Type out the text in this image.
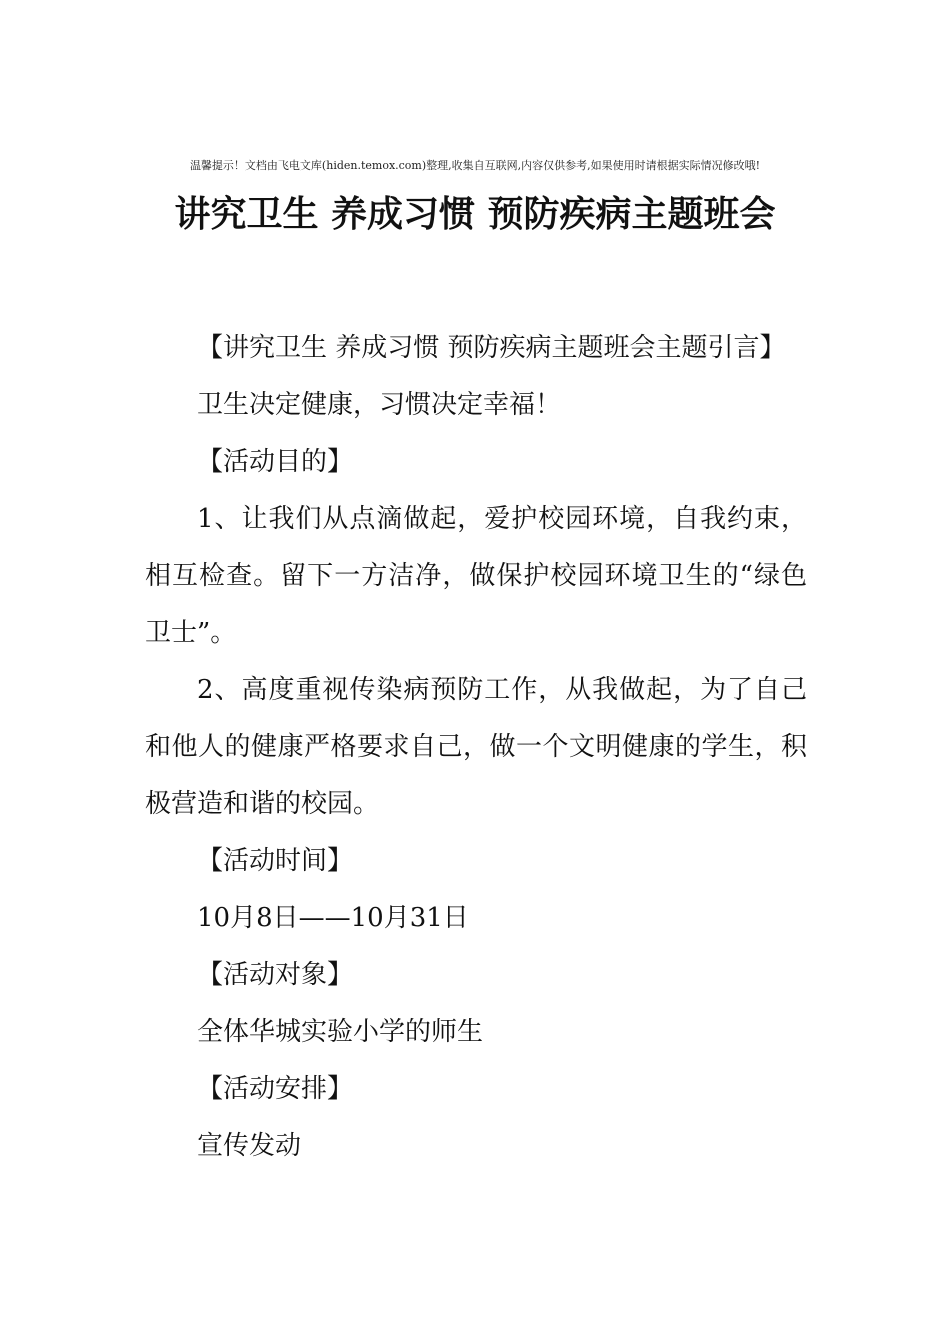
温馨提示！文档由飞电文库(hiden.temox.com)整理,收集自互联网,内容仅供参考,如果使用时请根据实际情况修改哦!
讲究卫生 养成习惯 预防疾病主题班会

【讲究卫生 养成习惯 预防疾病主题班会主题引言】

卫生决定健康，习惯决定幸福！

【活动目的】

1、让我们从点滴做起，爱护校园环境，自我约束，相互检查。留下一方洁净，做保护校园环境卫生的“绿色卫士”。

2、高度重视传染病预防工作，从我做起，为了自己和他人的健康严格要求自己，做一个文明健康的学生，积极营造和谐的校园。

【活动时间】

10月8日——10月31日

【活动对象】

全体华城实验小学的师生

【活动安排】

宣传发动
